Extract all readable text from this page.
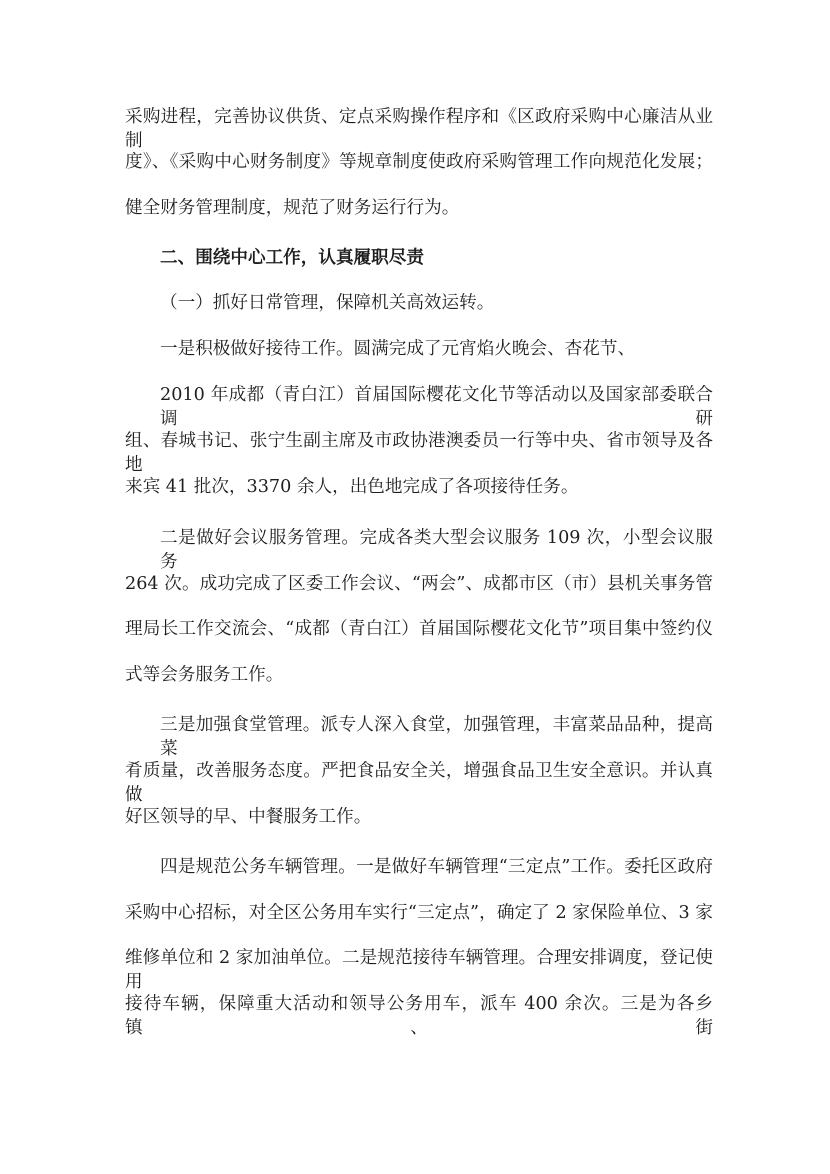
采购进程，完善协议供货、定点采购操作程序和《区政府采购中心廉洁从业制
度》、《采购中心财务制度》等规章制度使政府采购管理工作向规范化发展；
健全财务管理制度，规范了财务运行行为。
二、围绕中心工作，认真履职尽责
（一）抓好日常管理，保障机关高效运转。
一是积极做好接待工作。圆满完成了元宵焰火晚会、杏花节、
2010 年成都（青白江）首届国际樱花文化节等活动以及国家部委联合调研
组、春城书记、张宁生副主席及市政协港澳委员一行等中央、省市领导及各地
来宾 41 批次，3370 余人，出色地完成了各项接待任务。
二是做好会议服务管理。完成各类大型会议服务 109 次，小型会议服务
264 次。成功完成了区委工作会议、“两会”、成都市区（市）县机关事务管
理局长工作交流会、“成都（青白江）首届国际樱花文化节”项目集中签约仪
式等会务服务工作。
三是加强食堂管理。派专人深入食堂，加强管理，丰富菜品品种，提高菜
肴质量，改善服务态度。严把食品安全关，增强食品卫生安全意识。并认真做
好区领导的早、中餐服务工作。
四是规范公务车辆管理。一是做好车辆管理“三定点”工作。委托区政府
采购中心招标，对全区公务用车实行“三定点”，确定了 2 家保险单位、3 家
维修单位和 2 家加油单位。二是规范接待车辆管理。合理安排调度，登记使用
接待车辆，保障重大活动和领导公务用车，派车 400 余次。三是为各乡镇、街
